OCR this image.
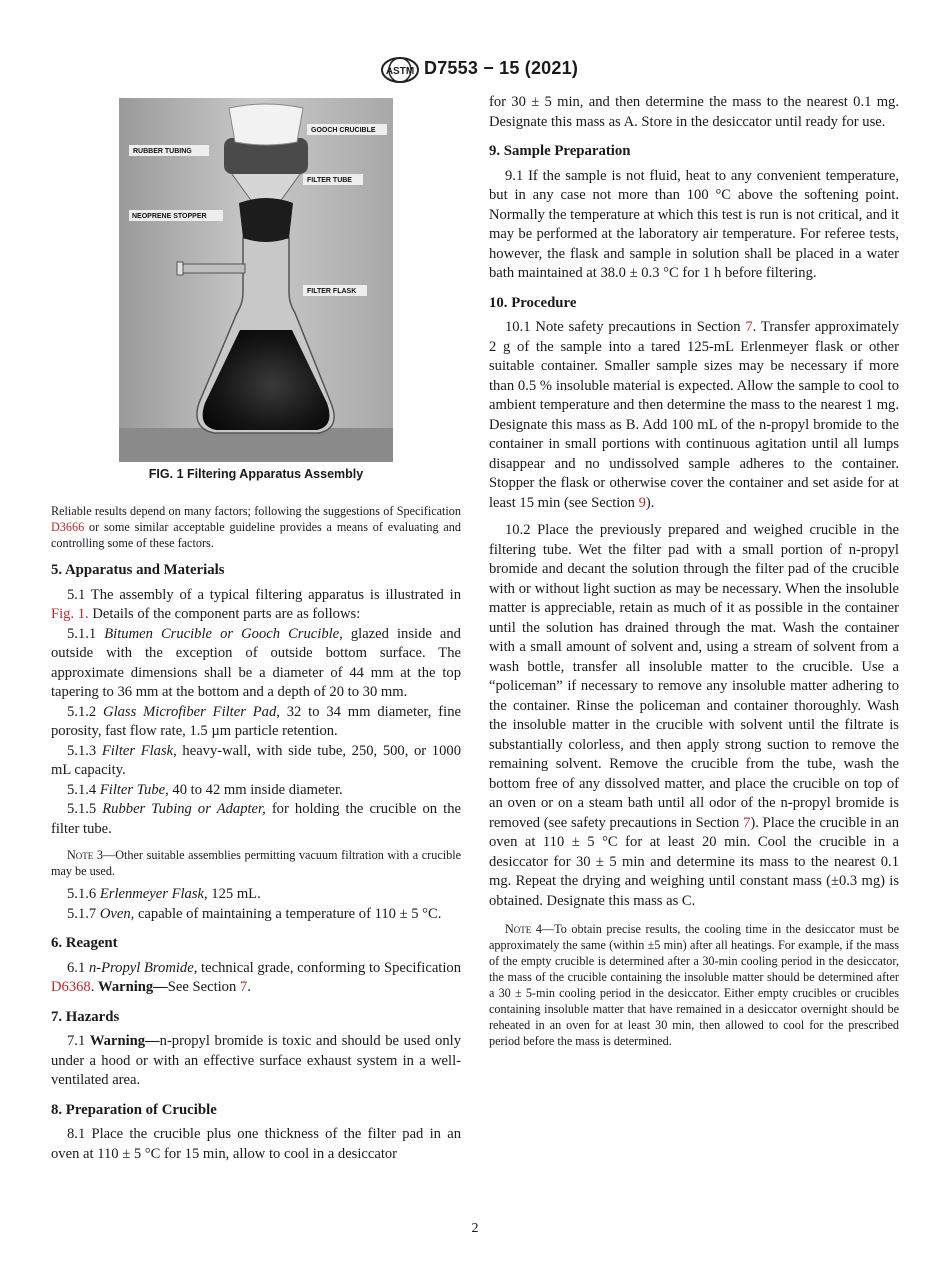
ASTM D7553 − 15 (2021)
GOOCH CRUCIBLE
RUBBER TUBING
FILTER TUBE
NEOPRENE STOPPER
FILTER FLASK
FIG. 1 Filtering Apparatus Assembly

Reliable results depend on many factors; following the suggestions of Specification D3666 or some similar acceptable guideline provides a means of evaluating and controlling some of these factors.

5. Apparatus and Materials

5.1 The assembly of a typical filtering apparatus is illustrated in Fig. 1. Details of the component parts are as follows:

5.1.1 Bitumen Crucible or Gooch Crucible, glazed inside and outside with the exception of outside bottom surface. The approximate dimensions shall be a diameter of 44 mm at the top tapering to 36 mm at the bottom and a depth of 20 to 30 mm.

5.1.2 Glass Microfiber Filter Pad, 32 to 34 mm diameter, fine porosity, fast flow rate, 1.5 µm particle retention.

5.1.3 Filter Flask, heavy-wall, with side tube, 250, 500, or 1000 mL capacity.

5.1.4 Filter Tube, 40 to 42 mm inside diameter.

5.1.5 Rubber Tubing or Adapter, for holding the crucible on the filter tube.

Note 3—Other suitable assemblies permitting vacuum filtration with a crucible may be used.

5.1.6 Erlenmeyer Flask, 125 mL.

5.1.7 Oven, capable of maintaining a temperature of 110 ± 5 °C.

6. Reagent

6.1 n-Propyl Bromide, technical grade, conforming to Specification D6368. Warning—See Section 7.

7. Hazards

7.1 Warning—n-propyl bromide is toxic and should be used only under a hood or with an effective surface exhaust system in a well-ventilated area.

8. Preparation of Crucible

8.1 Place the crucible plus one thickness of the filter pad in an oven at 110 ± 5 °C for 15 min, allow to cool in a desiccator

for 30 ± 5 min, and then determine the mass to the nearest 0.1 mg. Designate this mass as A. Store in the desiccator until ready for use.

9. Sample Preparation

9.1 If the sample is not fluid, heat to any convenient temperature, but in any case not more than 100 °C above the softening point. Normally the temperature at which this test is run is not critical, and it may be performed at the laboratory air temperature. For referee tests, however, the flask and sample in solution shall be placed in a water bath maintained at 38.0 ± 0.3 °C for 1 h before filtering.

10. Procedure

10.1 Note safety precautions in Section 7. Transfer approximately 2 g of the sample into a tared 125-mL Erlenmeyer flask or other suitable container. Smaller sample sizes may be necessary if more than 0.5 % insoluble material is expected. Allow the sample to cool to ambient temperature and then determine the mass to the nearest 1 mg. Designate this mass as B. Add 100 mL of the n-propyl bromide to the container in small portions with continuous agitation until all lumps disappear and no undissolved sample adheres to the container. Stopper the flask or otherwise cover the container and set aside for at least 15 min (see Section 9).

10.2 Place the previously prepared and weighed crucible in the filtering tube. Wet the filter pad with a small portion of n-propyl bromide and decant the solution through the filter pad of the crucible with or without light suction as may be necessary. When the insoluble matter is appreciable, retain as much of it as possible in the container until the solution has drained through the mat. Wash the container with a small amount of solvent and, using a stream of solvent from a wash bottle, transfer all insoluble matter to the crucible. Use a “policeman” if necessary to remove any insoluble matter adhering to the container. Rinse the policeman and container thoroughly. Wash the insoluble matter in the crucible with solvent until the filtrate is substantially colorless, and then apply strong suction to remove the remaining solvent. Remove the crucible from the tube, wash the bottom free of any dissolved matter, and place the crucible on top of an oven or on a steam bath until all odor of the n-propyl bromide is removed (see safety precautions in Section 7). Place the crucible in an oven at 110 ± 5 °C for at least 20 min. Cool the crucible in a desiccator for 30 ± 5 min and determine its mass to the nearest 0.1 mg. Repeat the drying and weighing until constant mass (±0.3 mg) is obtained. Designate this mass as C.

Note 4—To obtain precise results, the cooling time in the desiccator must be approximately the same (within ±5 min) after all heatings. For example, if the mass of the empty crucible is determined after a 30-min cooling period in the desiccator, the mass of the crucible containing the insoluble matter should be determined after a 30 ± 5-min cooling period in the desiccator. Either empty crucibles or crucibles containing insoluble matter that have remained in a desiccator overnight should be reheated in an oven for at least 30 min, then allowed to cool for the prescribed period before the mass is determined.

2
